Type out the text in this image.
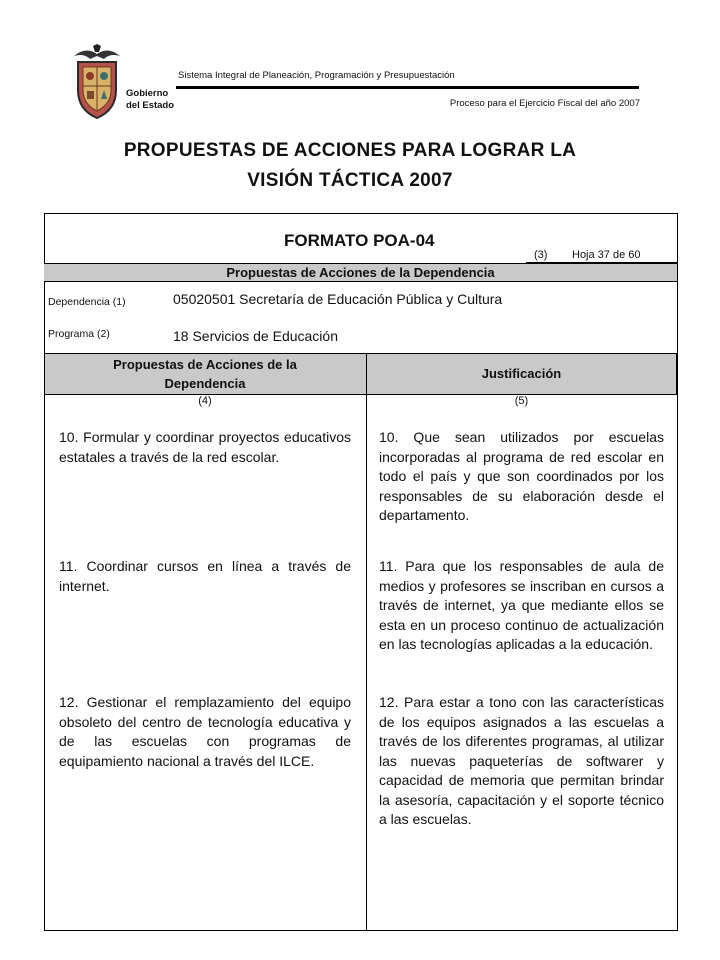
Gobierno
del Estado
Sistema Integral de Planeación, Programación y Presupuestación
Proceso para el Ejercicio Fiscal del año 2007
PROPUESTAS DE ACCIONES PARA LOGRAR LA
VISIÓN TÁCTICA 2007
FORMATO POA-04
(3) Hoja 37 de 60
Propuestas de Acciones de la Dependencia
Dependencia (1)	05020501 Secretaría de Educación Pública y Cultura
Programa (2)	18 Servicios de Educación
Propuestas de Acciones de la
Dependencia
Justificación
(4)	(5)
10. Formular y coordinar proyectos educativos estatales a través de la red escolar.
10. Que sean utilizados por escuelas incorporadas al programa de red escolar en todo el país y que son coordinados por los responsables de su elaboración desde el departamento.
11. Coordinar cursos en línea a través de internet.
11. Para que los responsables de aula de medios y profesores se inscriban en cursos a través de internet, ya que mediante ellos se esta en un proceso continuo de actualización en las tecnologías aplicadas a la educación.
12. Gestionar el remplazamiento del equipo obsoleto del centro de tecnología educativa y de las escuelas con programas de equipamiento nacional a través del ILCE.
12. Para estar a tono con las características de los equipos asignados a las escuelas a través de los diferentes programas, al utilizar las nuevas paqueterías de softwarer y capacidad de memoria que permitan brindar la asesoría, capacitación y el soporte técnico a las escuelas.
